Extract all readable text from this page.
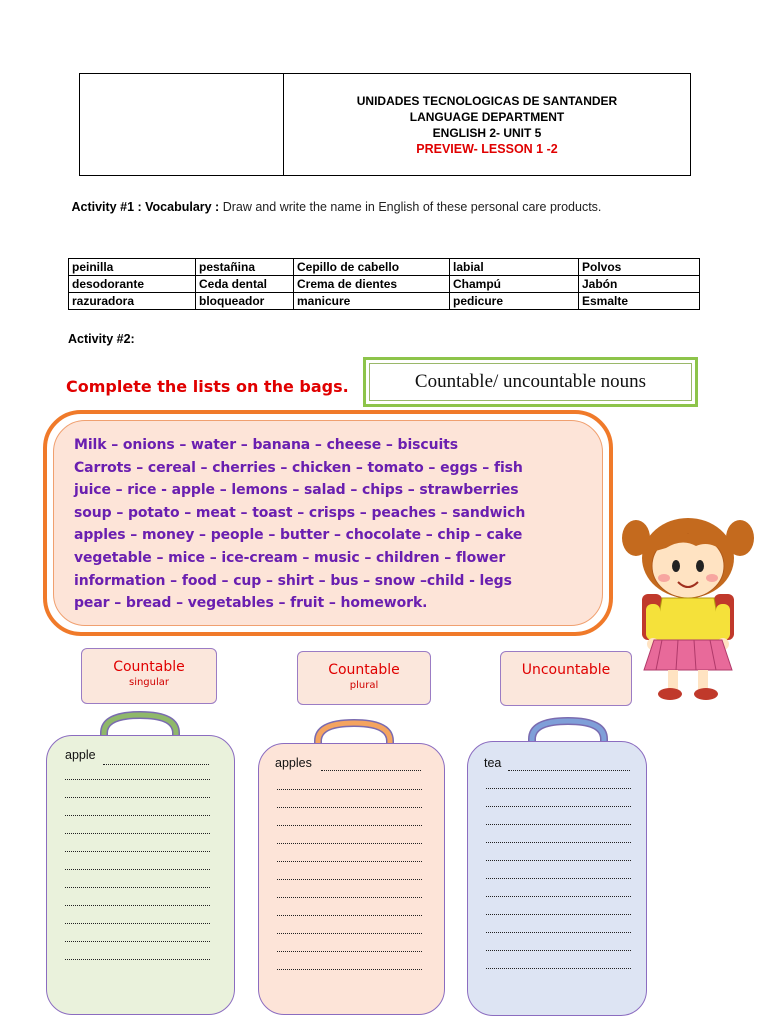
UNIDADES TECNOLOGICAS DE SANTANDER
LANGUAGE DEPARTMENT
ENGLISH 2- UNIT 5
PREVIEW- LESSON 1 -2
Activity #1 : Vocabulary : Draw and write the name in English of these personal care products.
peinilla	pestañina	Cepillo de cabello	labial	Polvos
desodorante	Ceda dental	Crema de dientes	Champú	Jabón
razuradora	bloqueador	manicure	pedicure	Esmalte
Activity #2:
Complete the lists on the bags.	Countable/ uncountable nouns
Milk – onions – water – banana – cheese – biscuits
Carrots – cereal – cherries – chicken – tomato – eggs – fish
juice – rice - apple – lemons – salad – chips – strawberries
soup – potato – meat – toast – crisps – peaches – sandwich
apples – money – people – butter – chocolate – chip – cake
vegetable – mice – ice-cream – music – children – flower
information – food – cup – shirt – bus – snow –child - legs
pear – bread – vegetables – fruit – homework.
Countable
singular
Countable
plural
Uncountable
apple
apples	tea
